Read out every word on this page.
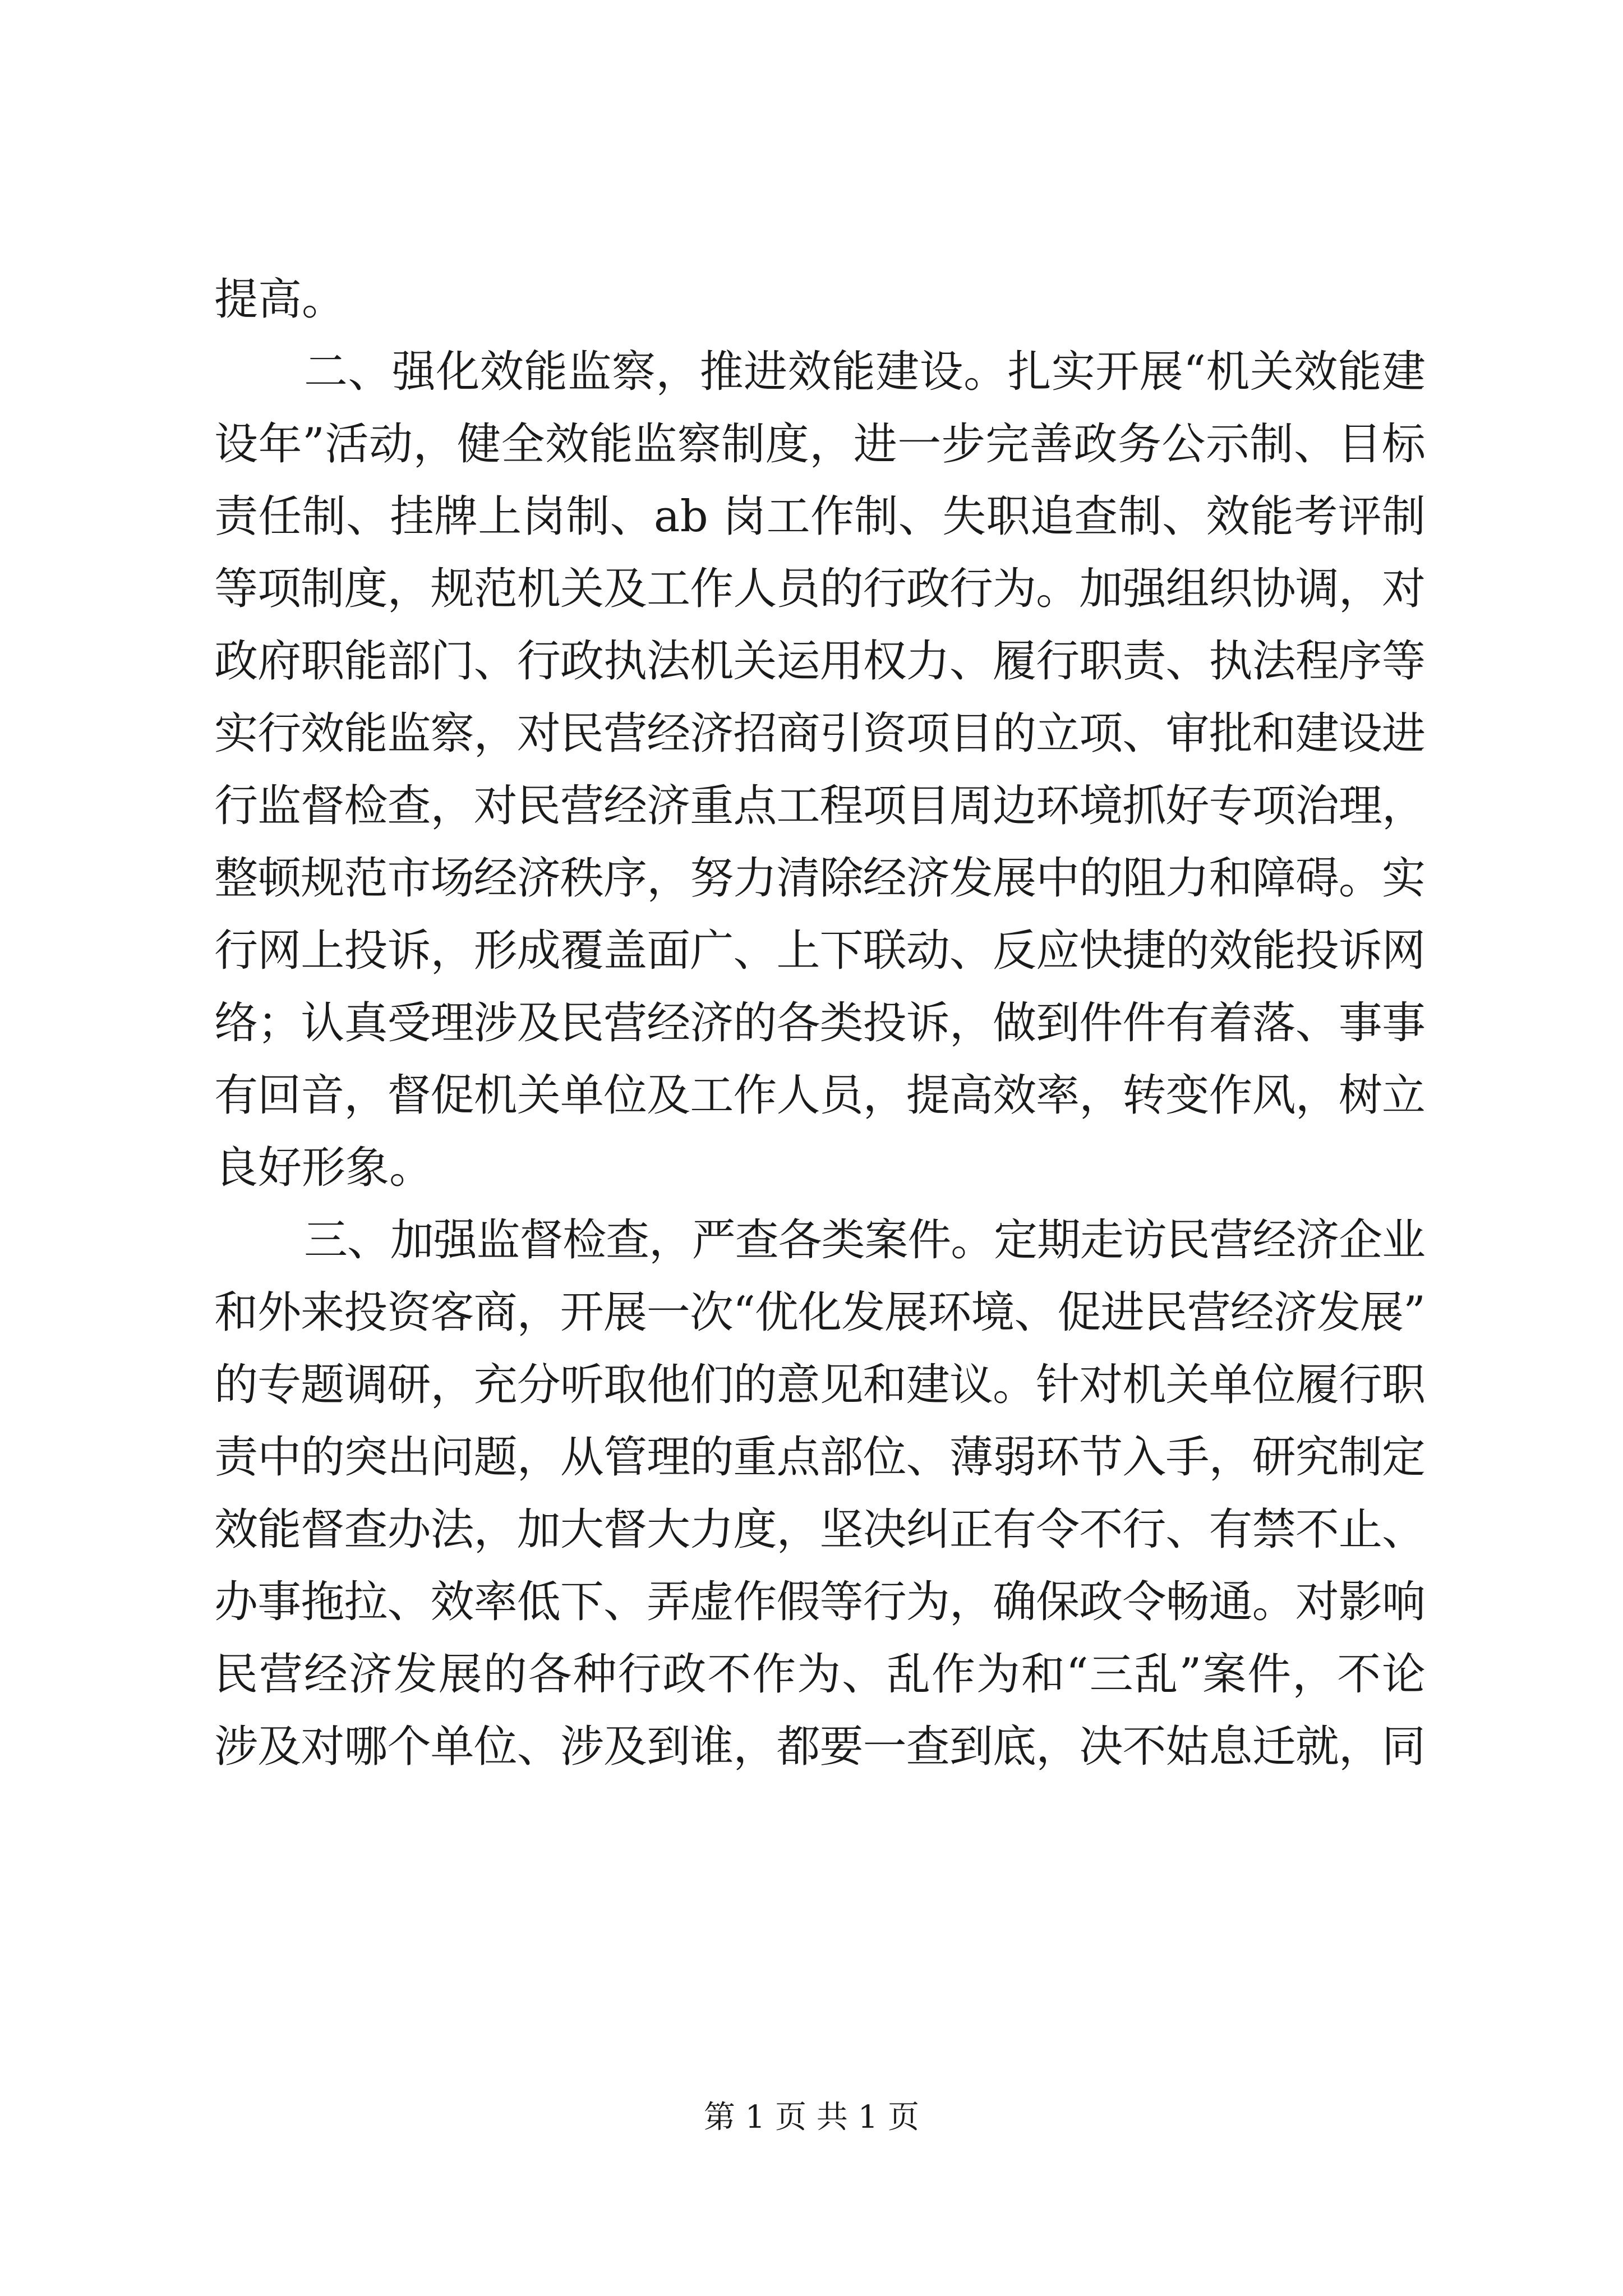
提高。
二、强化效能监察，推进效能建设。扎实开展“机关效能建
设年”活动，健全效能监察制度，进一步完善政务公示制、目标
责任制、挂牌上岗制、ab 岗工作制、失职追查制、效能考评制
等项制度，规范机关及工作人员的行政行为。加强组织协调，对
政府职能部门、行政执法机关运用权力、履行职责、执法程序等
实行效能监察，对民营经济招商引资项目的立项、审批和建设进
行监督检查，对民营经济重点工程项目周边环境抓好专项治理，
整顿规范市场经济秩序，努力清除经济发展中的阻力和障碍。实
行网上投诉，形成覆盖面广、上下联动、反应快捷的效能投诉网
络；认真受理涉及民营经济的各类投诉，做到件件有着落、事事
有回音，督促机关单位及工作人员，提高效率，转变作风，树立
良好形象。
三、加强监督检查，严查各类案件。定期走访民营经济企业
和外来投资客商，开展一次“优化发展环境、促进民营经济发展”
的专题调研，充分听取他们的意见和建议。针对机关单位履行职
责中的突出问题，从管理的重点部位、薄弱环节入手，研究制定
效能督查办法，加大督大力度，坚决纠正有令不行、有禁不止、
办事拖拉、效率低下、弄虚作假等行为，确保政令畅通。对影响
民营经济发展的各种行政不作为、乱作为和“三乱”案件，不论
涉及对哪个单位、涉及到谁，都要一查到底，决不姑息迁就，同
第 1 页 共 1 页
